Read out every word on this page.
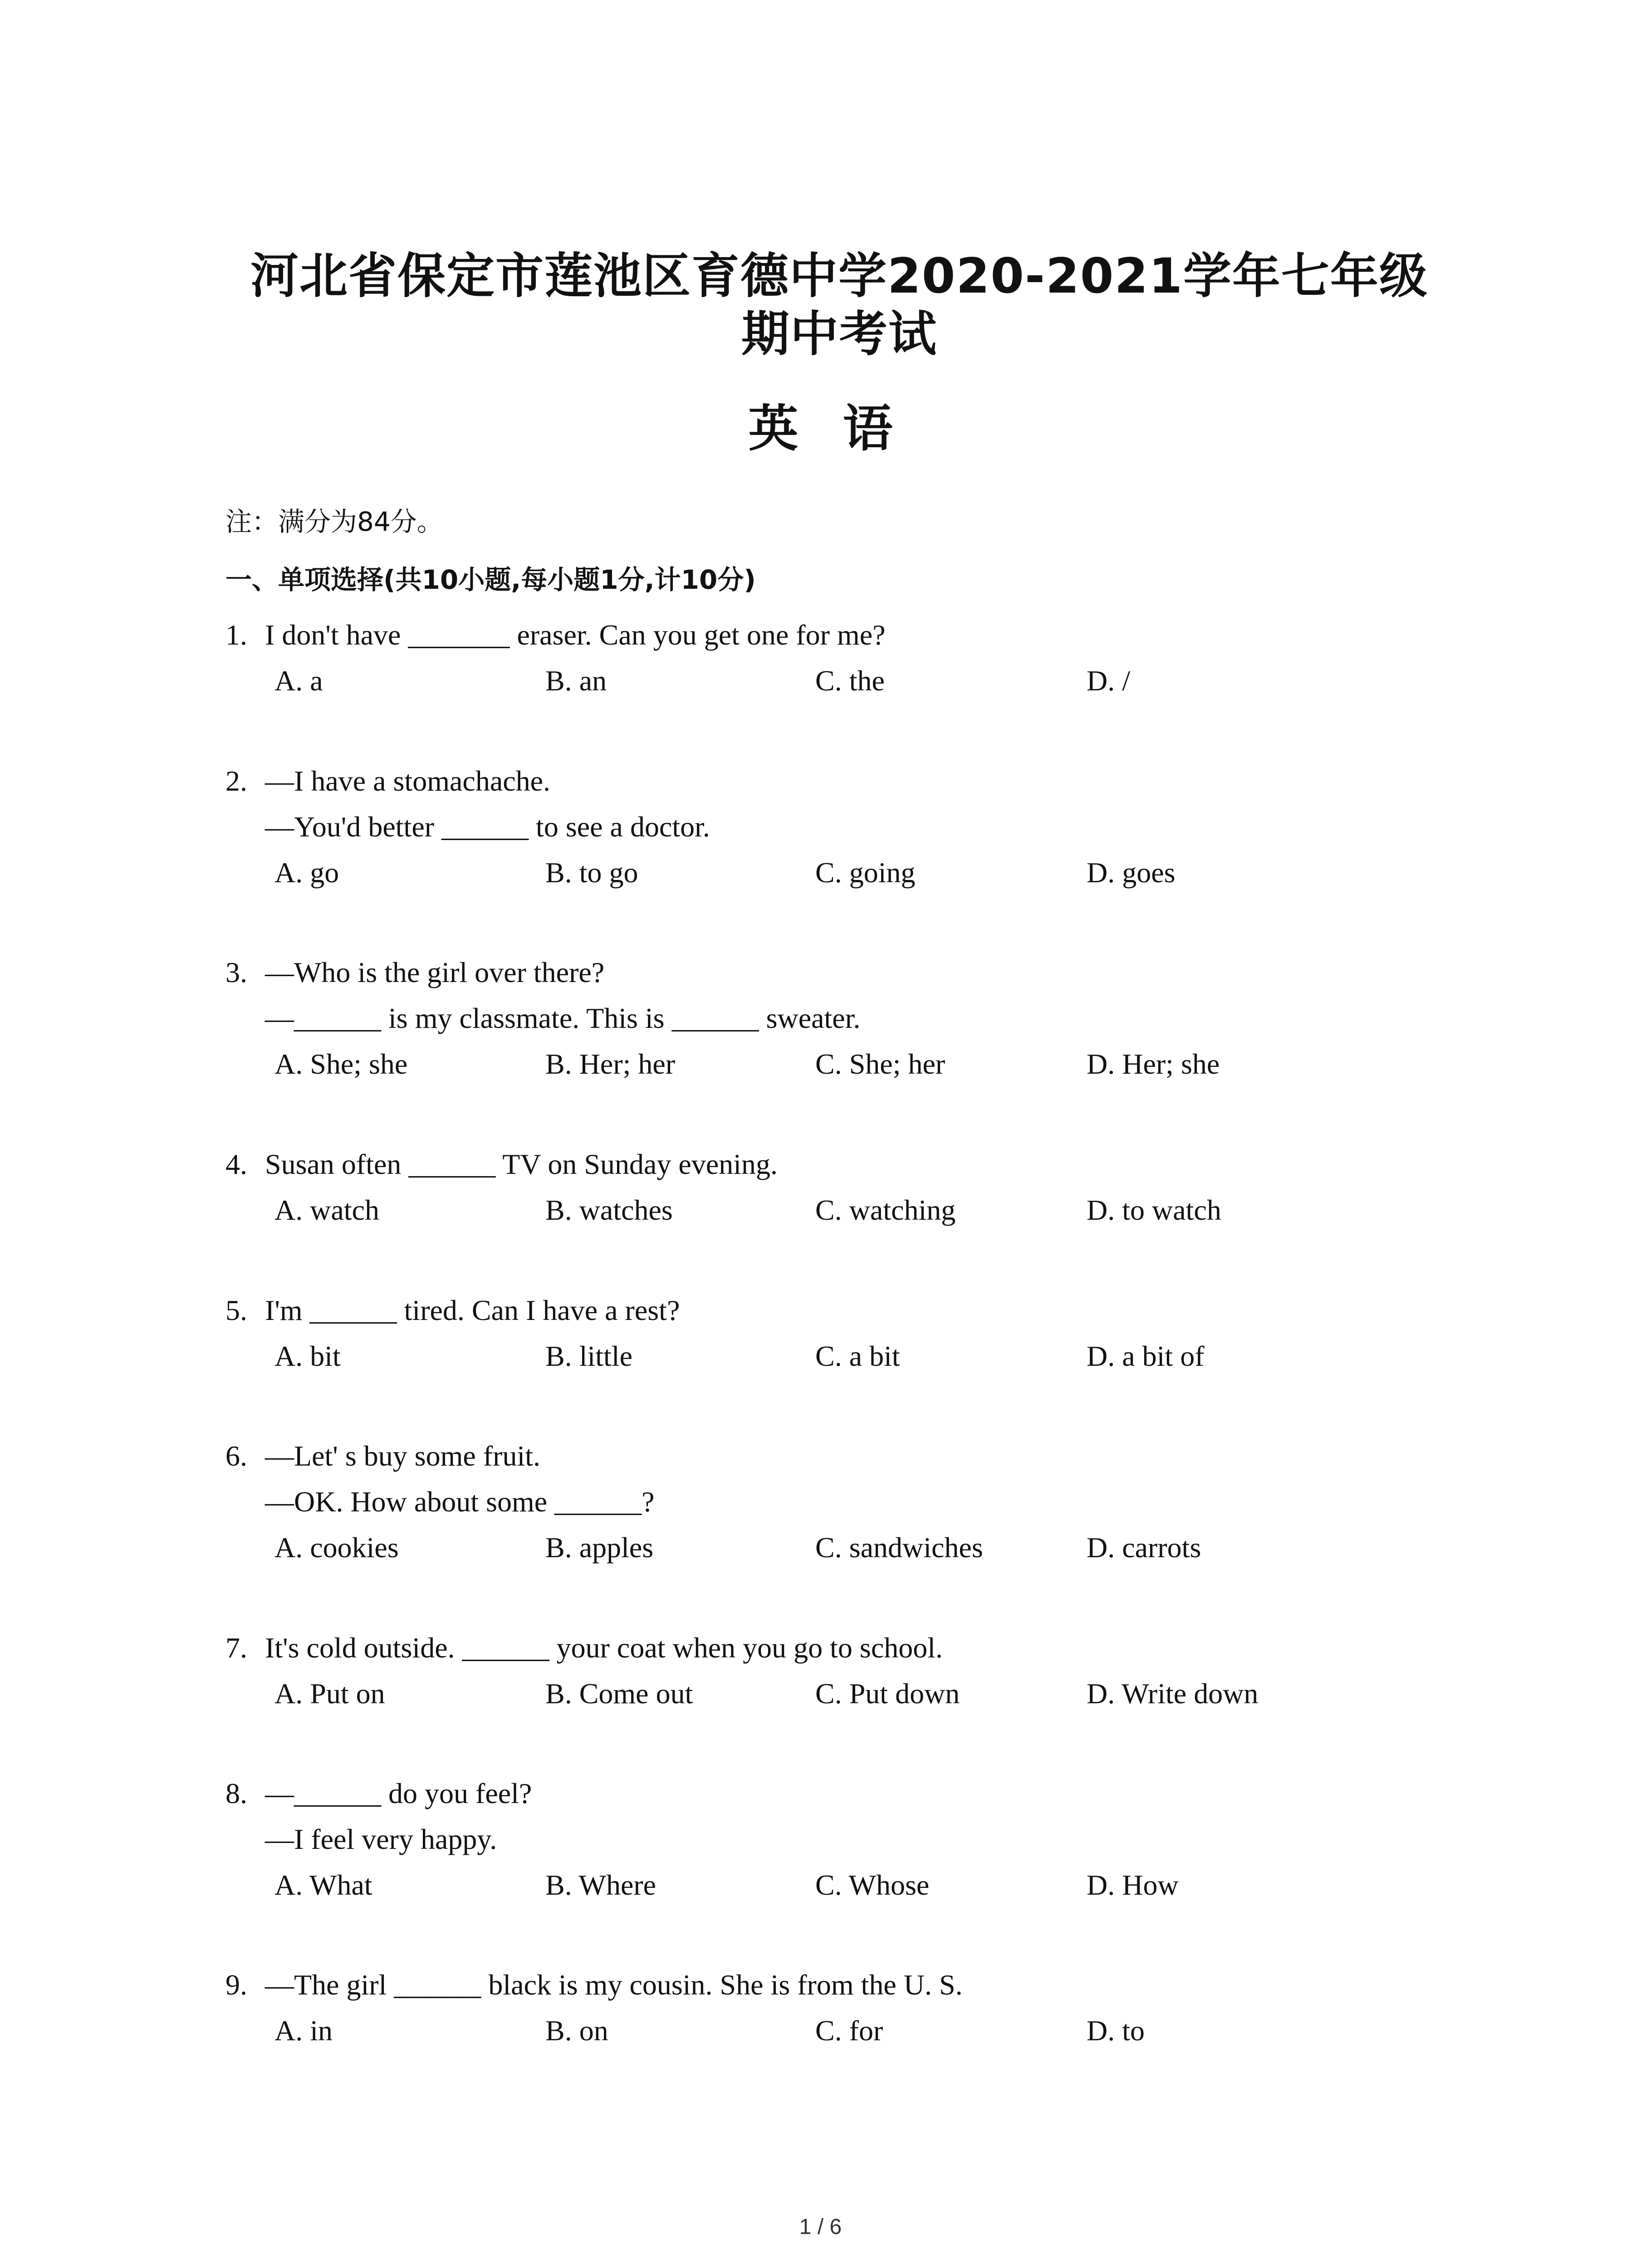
河北省保定市莲池区育德中学2020-2021学年七年级期中考试
英 语
注：满分为84分。
一、单项选择(共10小题,每小题1分,计10分)
1. I don't have _______ eraser. Can you get one for me?
A. a	B. an	C. the	D. /
2. —I have a stomachache.
—You'd better ______ to see a doctor.
A. go	B. to go	C. going	D. goes
3. —Who is the girl over there?
—______ is my classmate. This is ______ sweater.
A. She; she	B. Her; her	C. She; her	D. Her; she
4. Susan often ______ TV on Sunday evening.
A. watch	B. watches	C. watching	D. to watch
5. I'm ______ tired. Can I have a rest?
A. bit	B. little	C. a bit	D. a bit of
6. —Let' s buy some fruit.
—OK. How about some ______?
A. cookies	B. apples	C. sandwiches	D. carrots
7. It's cold outside. ______ your coat when you go to school.
A. Put on	B. Come out	C. Put down	D. Write down
8. —______ do you feel?
—I feel very happy.
A. What	B. Where	C. Whose	D. How
9. —The girl ______ black is my cousin. She is from the U. S.
A. in	B. on	C. for	D. to
1 / 6
